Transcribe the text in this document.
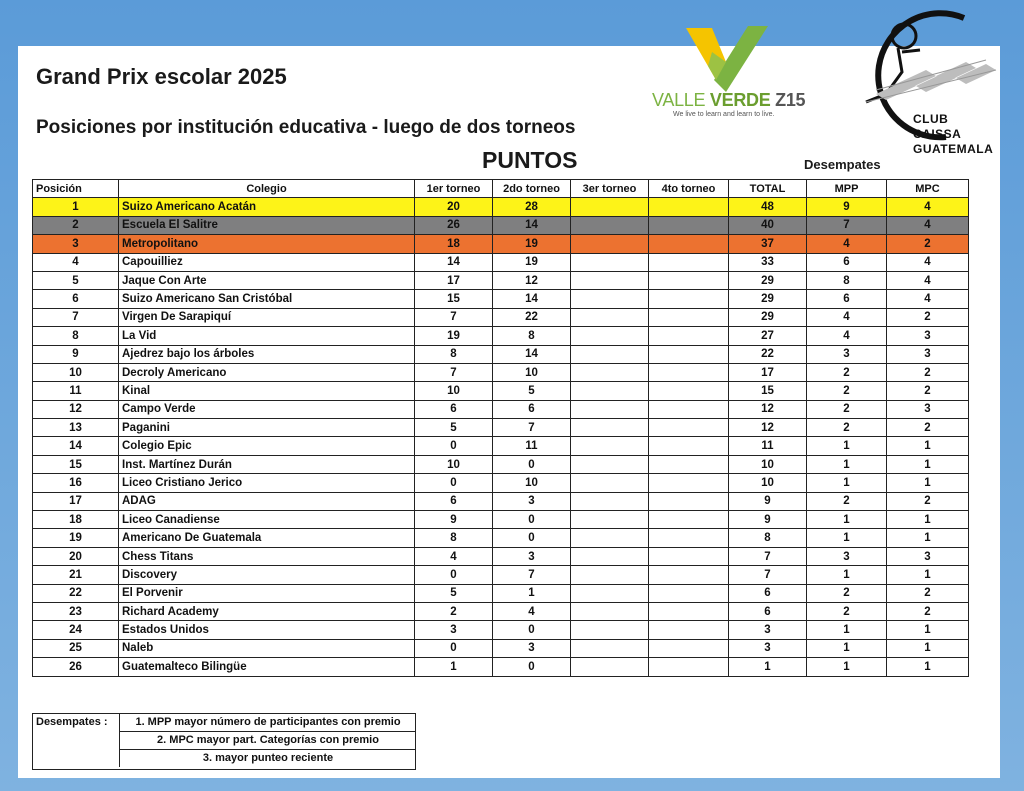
Grand Prix escolar 2025
Posiciones por institución educativa - luego de dos torneos
PUNTOS	Desempates
VALLE VERDE Z15
We live to learn and learn to live.	CLUB
CAISSA
GUATEMALA
Posición	Colegio	1er torneo	2do torneo	3er torneo	4to torneo	TOTAL	MPP	MPC
1	Suizo Americano Acatán	20	28			48	9	4
2	Escuela El Salitre	26	14			40	7	4
3	Metropolitano	18	19			37	4	2
4	Capouilliez	14	19			33	6	4
5	Jaque Con Arte	17	12			29	8	4
6	Suizo Americano San Cristóbal	15	14			29	6	4
7	Virgen De Sarapiquí	7	22			29	4	2
8	La Vid	19	8			27	4	3
9	Ajedrez bajo los árboles	8	14			22	3	3
10	Decroly Americano	7	10			17	2	2
11	Kinal	10	5			15	2	2
12	Campo Verde	6	6			12	2	3
13	Paganini	5	7			12	2	2
14	Colegio Epic	0	11			11	1	1
15	Inst. Martínez Durán	10	0			10	1	1
16	Liceo Cristiano Jerico	0	10			10	1	1
17	ADAG	6	3			9	2	2
18	Liceo Canadiense	9	0			9	1	1
19	Americano De Guatemala	8	0			8	1	1
20	Chess Titans	4	3			7	3	3
21	Discovery	0	7			7	1	1
22	El Porvenir	5	1			6	2	2
23	Richard Academy	2	4			6	2	2
24	Estados Unidos	3	0			3	1	1
25	Naleb	0	3			3	1	1
26	Guatemalteco Bilingüe	1	0			1	1	1
Desempates :	1. MPP mayor número de participantes con premio
2. MPC mayor part. Categorías con premio
3. mayor punteo reciente
